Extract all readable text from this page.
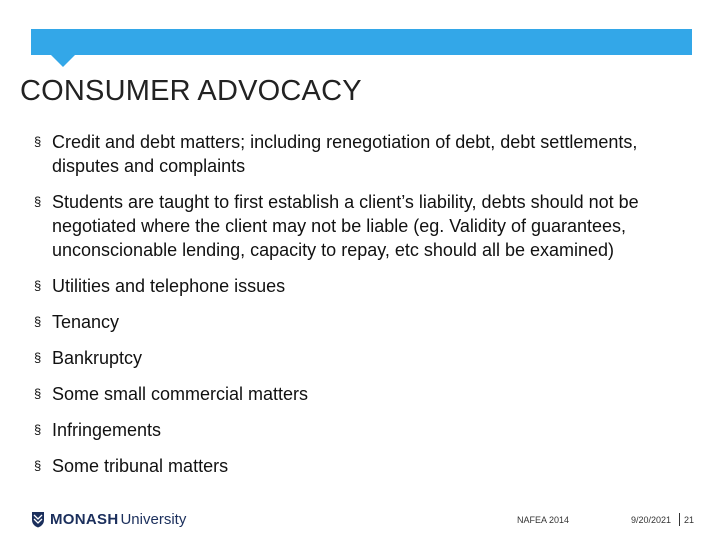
CONSUMER ADVOCACY
§ Credit and debt matters; including renegotiation of debt, debt settlements, disputes and complaints
§ Students are taught to first establish a client’s liability, debts should not be negotiated where the client may not be liable (eg. Validity of guarantees, unconscionable lending, capacity to repay, etc should all be examined)
§ Utilities and telephone issues
§ Tenancy
§ Bankruptcy
§ Some small commercial matters
§ Infringements
§ Some tribunal matters
MONASH University	NAFEA 2014	9/20/2021 21
